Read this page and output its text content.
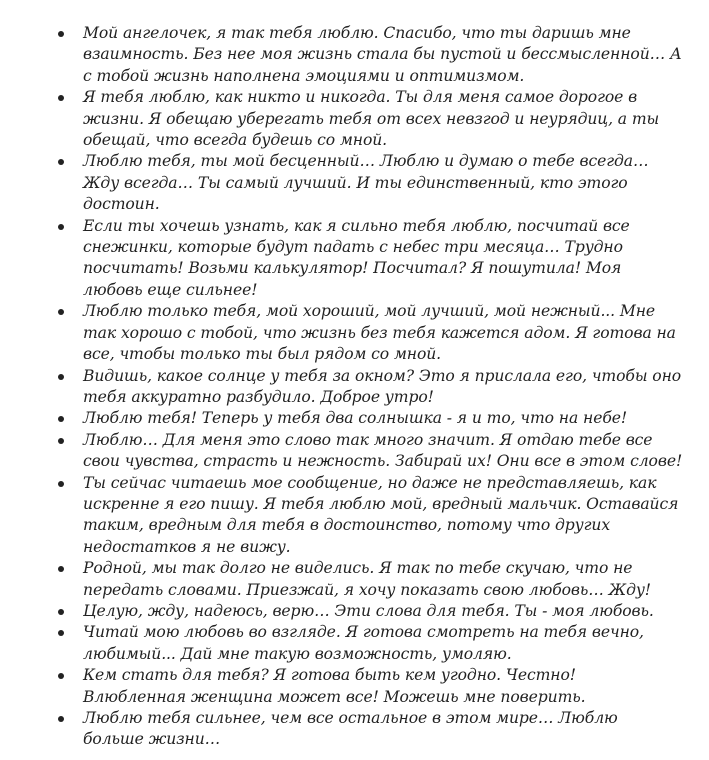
Мой ангелочек, я так тебя люблю. Спасибо, что ты даришь мне взаимность. Без нее моя жизнь стала бы пустой и бессмысленной… А с тобой жизнь наполнена эмоциями и оптимизмом.
Я тебя люблю, как никто и никогда. Ты для меня самое дорогое в жизни. Я обещаю уберегать тебя от всех невзгод и неурядиц, а ты обещай, что всегда будешь со мной.
Люблю тебя, ты мой бесценный… Люблю и думаю о тебе всегда… Жду всегда… Ты самый лучший. И ты единственный, кто этого достоин.
Если ты хочешь узнать, как я сильно тебя люблю, посчитай все снежинки, которые будут падать с небес три месяца… Трудно посчитать! Возьми калькулятор! Посчитал? Я пошутила! Моя любовь еще сильнее!
Люблю только тебя, мой хороший, мой лучший, мой нежный... Мне так хорошо с тобой, что жизнь без тебя кажется адом. Я готова на все, чтобы только ты был рядом со мной.
Видишь, какое солнце у тебя за окном? Это я прислала его, чтобы оно тебя аккуратно разбудило. Доброе утро!
Люблю тебя! Теперь у тебя два солнышка - я и то, что на небе!
Люблю… Для меня это слово так много значит. Я отдаю тебе все свои чувства, страсть и нежность. Забирай их! Они все в этом слове!
Ты сейчас читаешь мое сообщение, но даже не представляешь, как искренне я его пишу. Я тебя люблю мой, вредный мальчик. Оставайся таким, вредным для тебя в достоинство, потому что других недостатков я не вижу.
Родной, мы так долго не виделись. Я так по тебе скучаю, что не передать словами. Приезжай, я хочу показать свою любовь… Жду!
Целую, жду, надеюсь, верю… Эти слова для тебя. Ты - моя любовь.
Читай мою любовь во взгляде. Я готова смотреть на тебя вечно, любимый... Дай мне такую возможность, умоляю.
Кем стать для тебя? Я готова быть кем угодно. Честно! Влюбленная женщина может все! Можешь мне поверить.
Люблю тебя сильнее, чем все остальное в этом мире… Люблю больше жизни…
